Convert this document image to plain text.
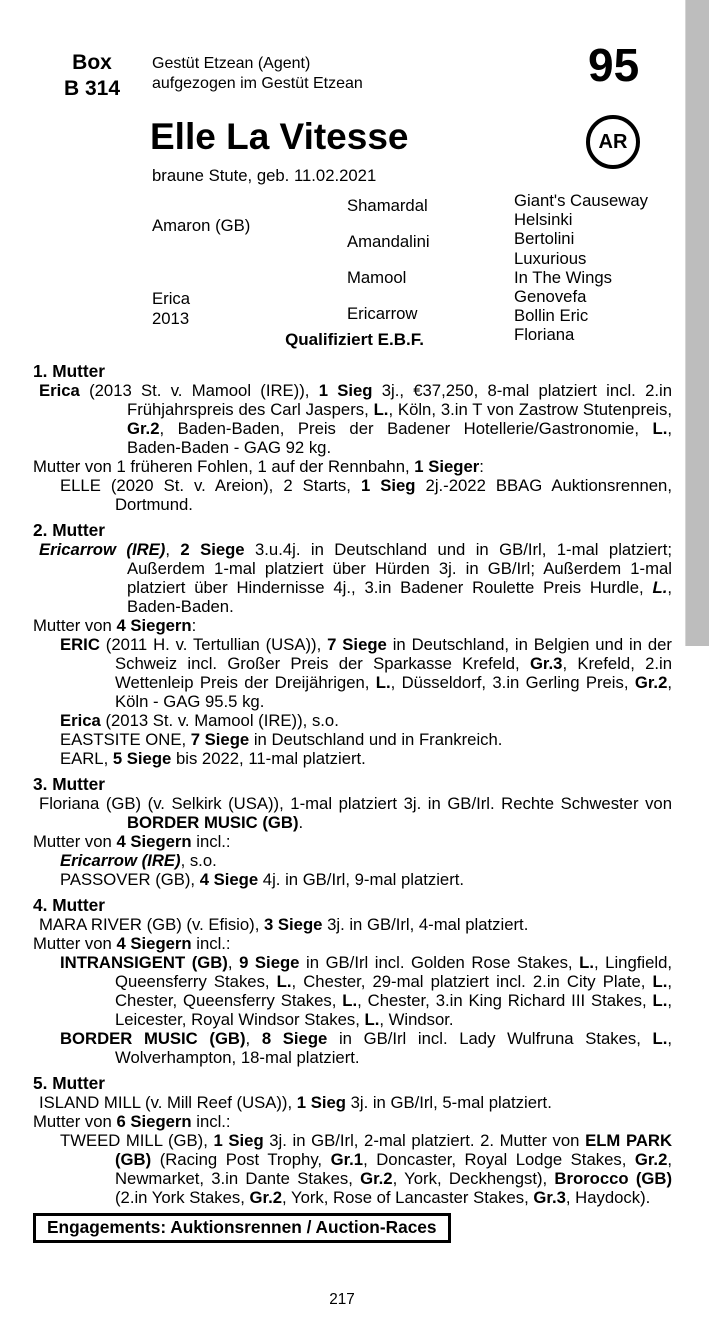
Box
B 314
Gestüt Etzean (Agent)
aufgezogen im Gestüt Etzean	95
Elle La Vitesse
braune Stute, geb. 11.02.2021
AR
Amaron (GB)
Erica
2013
Shamardal
Amandalini
Mamool
Ericarrow
Giant's Causeway
Helsinki
Bertolini
Luxurious
In The Wings
Genovefa
Bollin Eric
Floriana
Qualifiziert E.B.F.
1. Mutter

Erica (2013 St. v. Mamool (IRE)), 1 Sieg 3j., €37,250, 8-mal platziert incl. 2.in Frühjahrspreis des Carl Jaspers, L., Köln, 3.in T von Zastrow Stutenpreis, Gr.2, Baden-Baden, Preis der Badener Hotellerie/Gastronomie, L., Baden-Baden - GAG 92 kg.

Mutter von 1 früheren Fohlen, 1 auf der Rennbahn, 1 Sieger:

ELLE (2020 St. v. Areion), 2 Starts, 1 Sieg 2j.-2022 BBAG Auktionsrennen, Dortmund.

2. Mutter

Ericarrow (IRE), 2 Siege 3.u.4j. in Deutschland und in GB/Irl, 1-mal platziert; Außerdem 1-mal platziert über Hürden 3j. in GB/Irl; Außerdem 1-mal platziert über Hindernisse 4j., 3.in Badener Roulette Preis Hurdle, L., Baden-Baden.

Mutter von 4 Siegern:

ERIC (2011 H. v. Tertullian (USA)), 7 Siege in Deutschland, in Belgien und in der Schweiz incl. Großer Preis der Sparkasse Krefeld, Gr.3, Krefeld, 2.in Wettenleip Preis der Dreijährigen, L., Düsseldorf, 3.in Gerling Preis, Gr.2, Köln - GAG 95.5 kg.

Erica (2013 St. v. Mamool (IRE)), s.o.

EASTSITE ONE, 7 Siege in Deutschland und in Frankreich.

EARL, 5 Siege bis 2022, 11-mal platziert.

3. Mutter

Floriana (GB) (v. Selkirk (USA)), 1-mal platziert 3j. in GB/Irl. Rechte Schwester von BORDER MUSIC (GB).

Mutter von 4 Siegern incl.:

Ericarrow (IRE), s.o.

PASSOVER (GB), 4 Siege 4j. in GB/Irl, 9-mal platziert.

4. Mutter

MARA RIVER (GB) (v. Efisio), 3 Siege 3j. in GB/Irl, 4-mal platziert.

Mutter von 4 Siegern incl.:

INTRANSIGENT (GB), 9 Siege in GB/Irl incl. Golden Rose Stakes, L., Lingfield, Queensferry Stakes, L., Chester, 29-mal platziert incl. 2.in City Plate, L., Chester, Queensferry Stakes, L., Chester, 3.in King Richard III Stakes, L., Leicester, Royal Windsor Stakes, L., Windsor.

BORDER MUSIC (GB), 8 Siege in GB/Irl incl. Lady Wulfruna Stakes, L., Wolverhampton, 18-mal platziert.

5. Mutter

ISLAND MILL (v. Mill Reef (USA)), 1 Sieg 3j. in GB/Irl, 5-mal platziert.

Mutter von 6 Siegern incl.:

TWEED MILL (GB), 1 Sieg 3j. in GB/Irl, 2-mal platziert. 2. Mutter von ELM PARK (GB) (Racing Post Trophy, Gr.1, Doncaster, Royal Lodge Stakes, Gr.2, Newmarket, 3.in Dante Stakes, Gr.2, York, Deckhengst), Brorocco (GB) (2.in York Stakes, Gr.2, York, Rose of Lancaster Stakes, Gr.3, Haydock).

Engagements: Auktionsrennen / Auction-Races
217
